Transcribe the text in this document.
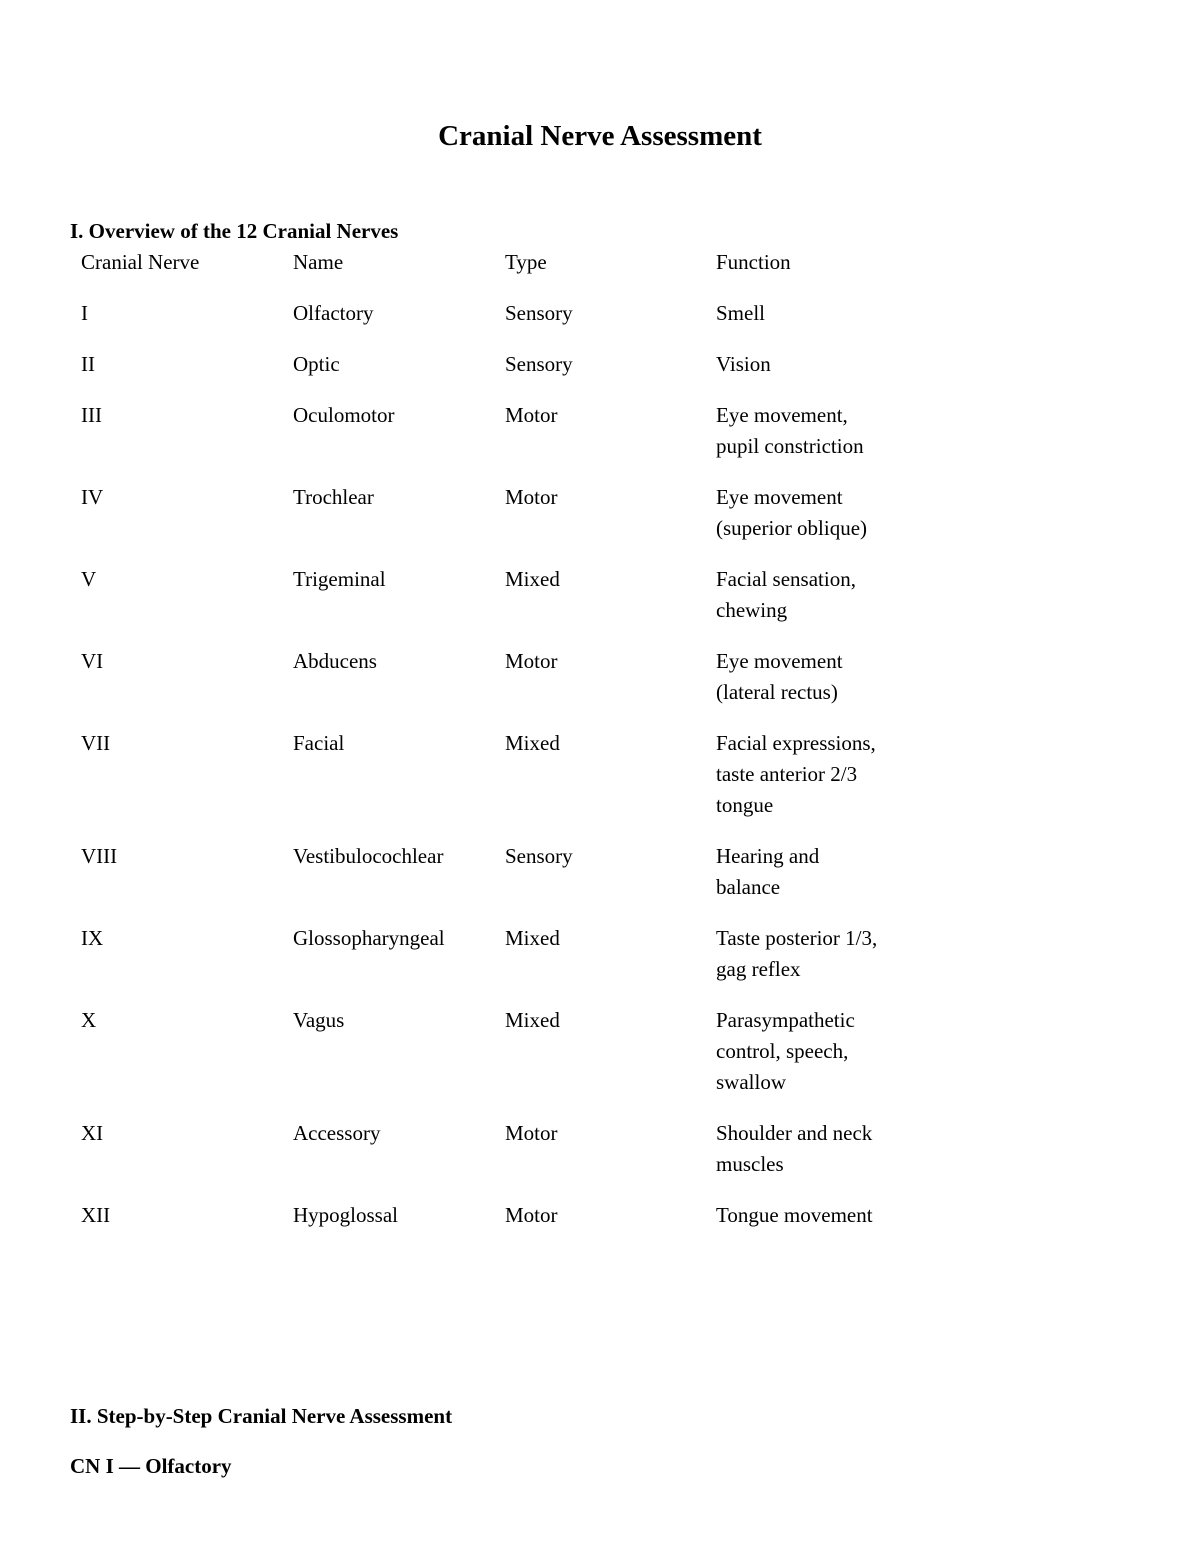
Cranial Nerve Assessment
I. Overview of the 12 Cranial Nerves
Cranial Nerve	Name	Type	Function
I	Olfactory	Sensory	Smell
II	Optic	Sensory	Vision
III	Oculomotor	Motor	Eye movement,
pupil constriction
IV	Trochlear	Motor	Eye movement
(superior oblique)
V	Trigeminal	Mixed	Facial sensation,
chewing
VI	Abducens	Motor	Eye movement
(lateral rectus)
VII	Facial	Mixed	Facial expressions,
taste anterior 2/3
tongue
VIII	Vestibulocochlear	Sensory	Hearing and
balance
IX	Glossopharyngeal	Mixed	Taste posterior 1/3,
gag reflex
X	Vagus	Mixed	Parasympathetic
control, speech,
swallow
XI	Accessory	Motor	Shoulder and neck
muscles
XII	Hypoglossal	Motor	Tongue movement
II. Step-by-Step Cranial Nerve Assessment
CN I — Olfactory
